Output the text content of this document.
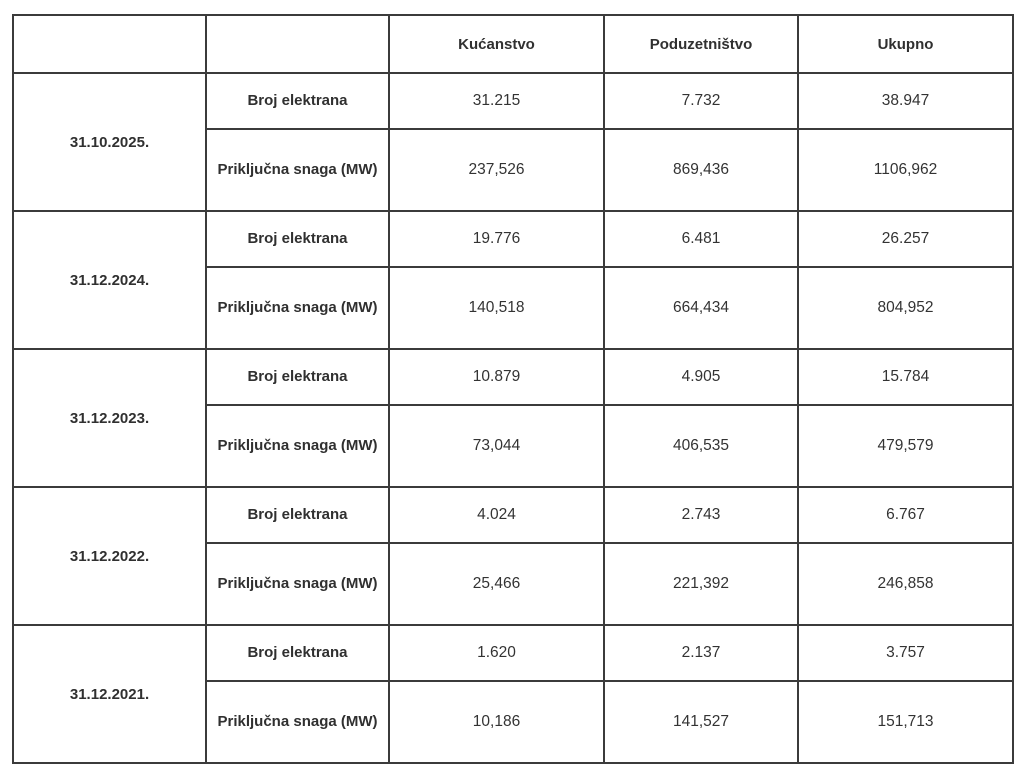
		Kućanstvo	Poduzetništvo	Ukupno
31.10.2025.	Broj elektrana	31.215	7.732	38.947
	Priključna snaga (MW)	237,526	869,436	1106,962
31.12.2024.	Broj elektrana	19.776	6.481	26.257
	Priključna snaga (MW)	140,518	664,434	804,952
31.12.2023.	Broj elektrana	10.879	4.905	15.784
	Priključna snaga (MW)	73,044	406,535	479,579
31.12.2022.	Broj elektrana	4.024	2.743	6.767
	Priključna snaga (MW)	25,466	221,392	246,858
31.12.2021.	Broj elektrana	1.620	2.137	3.757
	Priključna snaga (MW)	10,186	141,527	151,713
